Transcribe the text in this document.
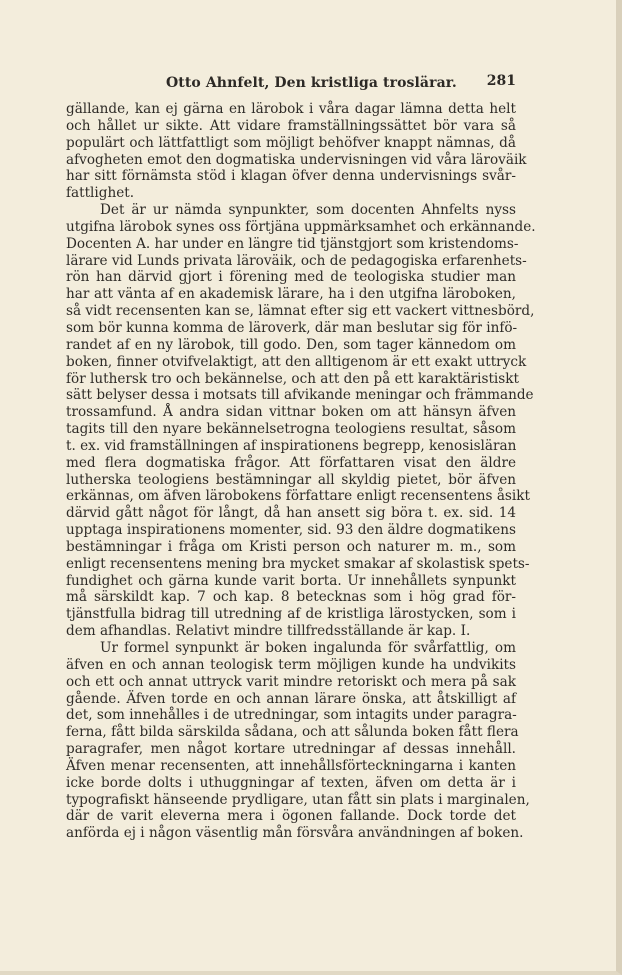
Otto Ahnfelt, Den kristliga troslärar. 281
gällande, kan ej gärna en lärobok i våra dagar lämna detta helt
och hållet ur sikte. Att vidare framställningssättet bör vara så
populärt och lättfattligt som möjligt behöfver knappt nämnas, då
afvogheten emot den dogmatiska undervisningen vid våra läroväik
har sitt förnämsta stöd i klagan öfver denna undervisnings svår-
fattlighet.
Det är ur nämda synpunkter, som docenten Ahnfelts nyss
utgifna lärobok synes oss förtjäna uppmärksamhet och erkännande.
Docenten A. har under en längre tid tjänstgjort som kristendoms-
lärare vid Lunds privata läroväik, och de pedagogiska erfarenhets-
rön han därvid gjort i förening med de teologiska studier man
har att vänta af en akademisk lärare, ha i den utgifna läroboken,
så vidt recensenten kan se, lämnat efter sig ett vackert vittnesbörd,
som bör kunna komma de läroverk, där man beslutar sig för infö-
randet af en ny lärobok, till godo. Den, som tager kännedom om
boken, finner otvifvelaktigt, att den alltigenom är ett exakt uttryck
för luthersk tro och bekännelse, och att den på ett karaktäristiskt
sätt belyser dessa i motsats till afvikande meningar och främmande
trossamfund. Å andra sidan vittnar boken om att hänsyn äfven
tagits till den nyare bekännelsetrogna teologiens resultat, såsom
t. ex. vid framställningen af inspirationens begrepp, kenosisläran
med flera dogmatiska frågor. Att författaren visat den äldre
lutherska teologiens bestämningar all skyldig pietet, bör äfven
erkännas, om äfven lärobokens författare enligt recensentens åsikt
därvid gått något för långt, då han ansett sig böra t. ex. sid. 14
upptaga inspirationens momenter, sid. 93 den äldre dogmatikens
bestämningar i fråga om Kristi person och naturer m. m., som
enligt recensentens mening bra mycket smakar af skolastisk spets-
fundighet och gärna kunde varit borta. Ur innehållets synpunkt
må särskildt kap. 7 och kap. 8 betecknas som i hög grad för-
tjänstfulla bidrag till utredning af de kristliga lärostycken, som i
dem afhandlas. Relativt mindre tillfredsställande är kap. I.
Ur formel synpunkt är boken ingalunda för svårfattlig, om
äfven en och annan teologisk term möjligen kunde ha undvikits
och ett och annat uttryck varit mindre retoriskt och mera på sak
gående. Äfven torde en och annan lärare önska, att åtskilligt af
det, som innehålles i de utredningar, som intagits under paragra-
ferna, fått bilda särskilda sådana, och att sålunda boken fått flera
paragrafer, men något kortare utredningar af dessas innehåll.
Äfven menar recensenten, att innehållsförteckningarna i kanten
icke borde dolts i uthuggningar af texten, äfven om detta är i
typografiskt hänseende prydligare, utan fått sin plats i marginalen,
där de varit eleverna mera i ögonen fallande. Dock torde det
anförda ej i någon väsentlig mån försvåra användningen af boken.
